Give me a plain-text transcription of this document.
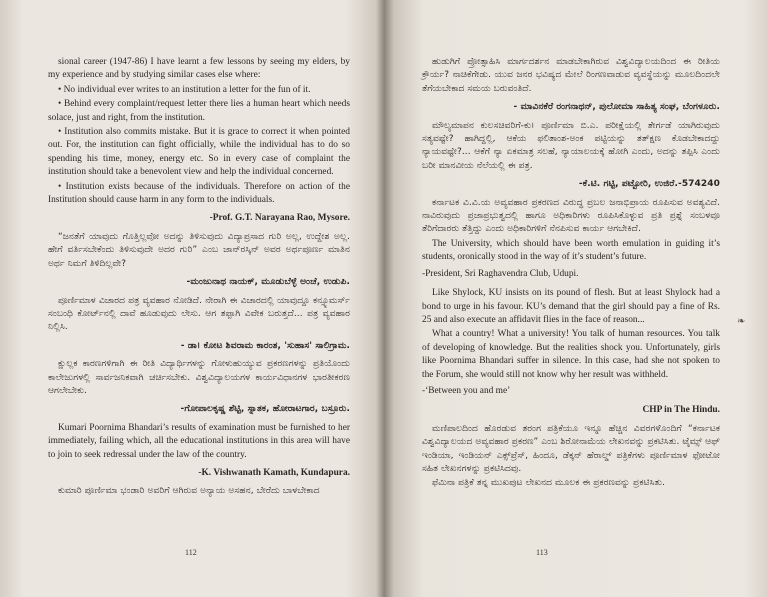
sional career (1947-86) I have learnt a few lessons by seeing my elders, by my experience and by studying similar cases else where:

• No individual ever writes to an institution a letter for the fun of it.

• Behind every complaint/request letter there lies a human heart which needs solace, just and right, from the institution.

• Institution also commits mistake. But it is grace to correct it when pointed out. For, the institution can fight officially, while the individual has to do so spending his time, money, energy etc. So in every case of complaint the institution should take a benevolent view and help the individual concerned.

• Institution exists because of the individuals. Therefore on action of the Institution should cause harm in any form to the individuals.

-Prof. G.T. Narayana Rao, Mysore.

“ಜನತೆಗೆ ಯಾವುದು ಗೊತ್ತಿಲ್ಲವೋ ಅದನ್ನು ತಿಳಿಸುವುದು ವಿದ್ಯಾಪ್ರಸಾದ ಗುರಿ ಅಲ್ಲ, ಉದ್ದೇಶ ಅಲ್ಲ. ಹೇಗೆ ವರ್ತಿಸಬೇಕೆಂದು ತಿಳಿಸುವುದೇ ಅದರ ಗುರಿ” ಎಂಬ ಜಾನ್‌ರಸ್ಕಿನ್ ಅವರ ಅರ್ಥಪೂರ್ಣ ಮಾತಿನ ಅರ್ಥ ನಿಮಗೆ ತಿಳಿದಿಲ್ಲವೇ?

-ಮಂಜುನಾಥ ನಾಯಕ್, ಮೂಡುಬೆಳ್ಳೆ ಅಂಚೆ, ಉಡುಪಿ.

ಪೂರ್ಣಿಮಾಳ ವಿಚಾರದ ಪತ್ರ ವ್ಯವಹಾರ ನೋಡಿದೆ. ನೇರಾಗಿ ಈ ವಿಚಾರದಲ್ಲಿ ಯಾವುದ್ದೂ ಕನ್ಸ್ಯೂಮರ್ಸ್ ಸಂಬಂಧಿ ಕೋರ್ಟ್‌ನಲ್ಲಿ ದಾವೆ ಹೂಡುವುದು ಲೇಸು. ಆಗ ತಪ್ಪಾಗಿ ವಿವೇಕ ಬರುತ್ತದೆ... ಪತ್ರ ವ್ಯವಹಾರ ನಿಲ್ಲಿಸಿ.

- ಡಾ। ಕೋಟ ಶಿವರಾಮ ಕಾರಂತ, 'ಸುಹಾಸ' ಸಾಲಿಗ್ರಾಮ.

ಕ್ಷುಲ್ಲಕ ಕಾರಣಗಳಿಗಾಗಿ ಈ ರೀತಿ ವಿದ್ಯಾರ್ಥಿಗಳನ್ನು ಗೋಳುಹುಯ್ಯುವ ಪ್ರಕರಣಗಳನ್ನು ಪ್ರತಿಯೊಂದು ಕಾಲೇಜುಗಳಲ್ಲಿ ಸಾರ್ವಜನಿಕವಾಗಿ ಚರ್ಚಿಸಬೇಕು. ವಿಶ್ವವಿದ್ಯಾಲಯಗಳ ಕಾರ್ಯವಿಧಾನಗಳ ಭಾರತೀಕರಣ ಆಗಲೇಬೇಕು.

-ಗೋಪಾಲಕೃಷ್ಣ ಶೆಟ್ಟಿ, ಸ್ನಾತಕ, ಹೋರಾಟಗಾರ, ಬಸ್ರೂರು.

Kumari Poornima Bhandari’s results of examination must be furnished to her immediately, failing which, all the educational institutions in this area will have to join to seek redressal under the law of the country.

-K. Vishwanath Kamath, Kundapura.

ಕುಮಾರಿ ಪೂರ್ಣಿಮಾ ಭಂಡಾರಿ ಅವರಿಗೆ ಆಗಿರುವ ಅನ್ಯಾಯ ಅಸಹನ, ಬೇರೆದು ಬಾಳಬೇಕಾದ

112

ಹುಡುಗಿಗೆ ಪ್ರೋತ್ಸಾಹಿಸಿ ಮಾರ್ಗದರ್ಶನ ಮಾಡಬೇಕಾಗಿರುವ ವಿಶ್ವವಿದ್ಯಾಲಯದಿಂದ ಈ ರೀತಿಯ ಕ್ರೌರ್ಯ? ನಾಚಿಕೆಗೇಡು. ಯುವ ಜನರ ಭವಿಷ್ಯದ ಮೇಲೆ ರಿಂಗಣವಾಡುವ ವ್ಯವಸ್ಥೆಯನ್ನು ಮೂಲದಿಂದಲೇ ತೆಗೆಯಬೇಕಾದ ಸಮಯ ಬರುವಂತಿದೆ.

- ಮಾವಿನಕೆರೆ ರಂಗನಾಥನ್, ಪುಲೋಮಾ ಸಾಹಿತ್ಯ ಸಂಘ, ಬೆಂಗಳೂರು.

ಮೌಲ್ಯಮಾಪನ ಕುಲಸಚಿವರಿಗೆ-ಕು। ಪೂರ್ಣಿಮಾ ಬಿ.ಎ. ಪರೀಕ್ಷೆಯಲ್ಲಿ ತೇರ್ಗಡೆ ಯಾಗಿರುವುದು ಸತ್ಯವಷ್ಟೇ? ಹಾಗಿದ್ದಲ್ಲಿ, ಆಕೆಯ ಫಲಿತಾಂಶ-ಅಂಕ ಪಟ್ಟಿಯನ್ನು ತತ್‌ಕ್ಷಣ ಕೊಡಬೇಕಾದದ್ದು ನ್ಯಾಯವಷ್ಟೇ?... ಆಕೆಗೆ ನ್ಯಾ ಏಕಮಾತ್ರ ಸಲಹೆ, ನ್ಯಾಯಾಲಯಕ್ಕೆ ಹೋಗಿ ಎಂದು, ಅದನ್ನು ತಪ್ಪಿಸಿ ಎಂದು ಬರೀ ಮಾನವೀಯ ನೆಲೆಯಲ್ಲಿ ಈ ಪತ್ರ.

-ಕೆ.ಟಿ. ಗಟ್ಟಿ, ಪಟ್ಟೋರಿ, ಉಜಿರೆ.-574240

ಕರ್ನಾಟಕ ವಿ.ವಿ.ಯ ಅವ್ಯವಹಾರ ಪ್ರಕರಣದ ವಿರುದ್ಧ ಪ್ರಬಲ ಜನಾಭಿಪ್ರಾಯ ರೂಪಿಸುವ ಅವಶ್ಯವಿದೆ. ನಾವಿರುವುದು ಪ್ರಜಾಪ್ರಭುತ್ವದಲ್ಲಿ ಹಾಗೂ ಅಧಿಕಾರಿಗಳು ರೂಪಿಸಿಕೊಳ್ಳುವ ಪ್ರತಿ ಪ್ರಶ್ನೆ ಸಂಬಳವೂ ತೆರಿಗೆದಾರರು ತೆತ್ತಿದ್ದು ಎಂದು ಅಧಿಕಾರಿಗಳಿಗೆ ನೆನಪಿಸುವ ಕಾರ್ಯ ಆಗಬೇಕಿದೆ.

The University, which should have been worth emulation in guiding it’s students, oronically stood in the way of it’s student’s future.

-President, Sri Raghavendra Club, Udupi.

Like Shylock, KU insists on its pound of flesh. But at least Shylock had a bond to urge in his favour. KU’s demand that the girl should pay a fine of Rs. 25 and also execute an affidavit flies in the face of reason...

What a country! What a university! You talk of human resources. You talk of developing of knowledge. But the realities shock you. Unfortunately, girls like Poornima Bhandari suffer in silence. In this case, had she not spoken to the Forum, she would still not know why her result was withheld.

-‘Between you and me’

CHP in The Hindu.

ಮಣಿಪಾಲದಿಂದ ಹೊರಡುವ ತರಂಗ ಪತ್ರಿಕೆಯೂ ಇನ್ನೂ ಹೆಚ್ಚಿನ ವಿವರಗಳೊಂದಿಗೆ “ಕರ್ನಾಟಕ ವಿಶ್ವವಿದ್ಯಾಲಯದ ಅವ್ಯವಹಾರ ಪ್ರಕರಣ” ಎಂಬ ಶಿರೋನಾಮೆಯ ಲೇಖನವನ್ನು ಪ್ರಕಟಿಸಿತು. ಟೈಮ್ಸ್ ಆಫ್ ಇಂಡಿಯಾ, ಇಂಡಿಯನ್ ಎಕ್ಸ್‌ಪ್ರೆಸ್, ಹಿಂದೂ, ಡೆಕ್ಕನ್ ಹೆರಾಲ್ಡ್ ಪತ್ರಿಕೆಗಳು ಪೂರ್ಣಿಮಾಳ ಫೋಟೋ ಸಹಿತ ಲೇಖನಗಳನ್ನು ಪ್ರಕಟಿಸಿದವು.

ಫೆಮಿನಾ ಪತ್ರಿಕೆ ತನ್ನ ಮುಖಪುಟ ಲೇಖನದ ಮೂಲಕ ಈ ಪ್ರಕರಣವನ್ನು ಪ್ರಕಟಿಸಿತು.

113
❧
